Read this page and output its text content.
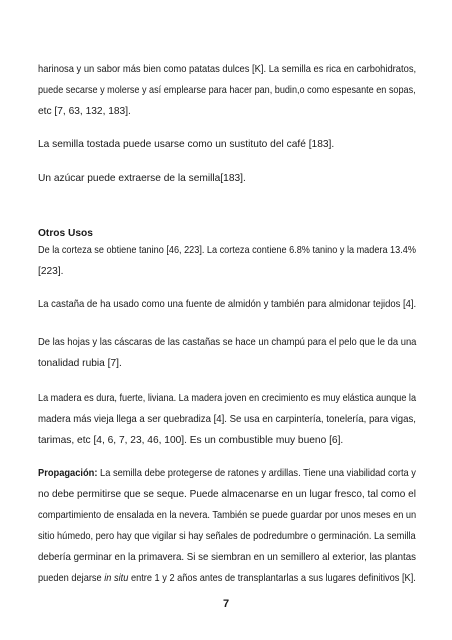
harinosa y un sabor más bien como patatas dulces [K]. La semilla es rica en carbohidratos,
puede secarse y molerse y así emplearse para hacer pan, budin,o como espesante en sopas,
etc [7, 63, 132, 183].
La semilla tostada puede usarse como un sustituto del café [183].
Un azúcar puede extraerse de la semilla[183].
Otros Usos
De la corteza se obtiene tanino [46, 223]. La corteza contiene 6.8% tanino y la madera 13.4%
[223].
La castaña de ha usado como una fuente de almidón y también para almidonar tejidos [4].
De las hojas y las cáscaras de las castañas se hace un champú para el pelo que le da una
tonalidad rubia [7].
La madera es dura, fuerte, liviana. La madera joven en crecimiento es muy elástica aunque la
madera más vieja llega a ser quebradiza [4]. Se usa en carpintería, tonelería, para vigas,
tarimas, etc [4, 6, 7, 23, 46, 100]. Es un combustible muy bueno [6].
Propagación: La semilla debe protegerse de ratones y ardillas. Tiene una viabilidad corta y
no debe permitirse que se seque. Puede almacenarse en un lugar fresco, tal como el
compartimiento de ensalada en la nevera. También se puede guardar por unos meses en un
sitio húmedo, pero hay que vigilar si hay señales de podredumbre o germinación. La semilla
debería germinar en la primavera. Si se siembran en un semillero al exterior, las plantas
pueden dejarse in situ entre 1 y 2 años antes de transplantarlas a sus lugares definitivos [K].
7
